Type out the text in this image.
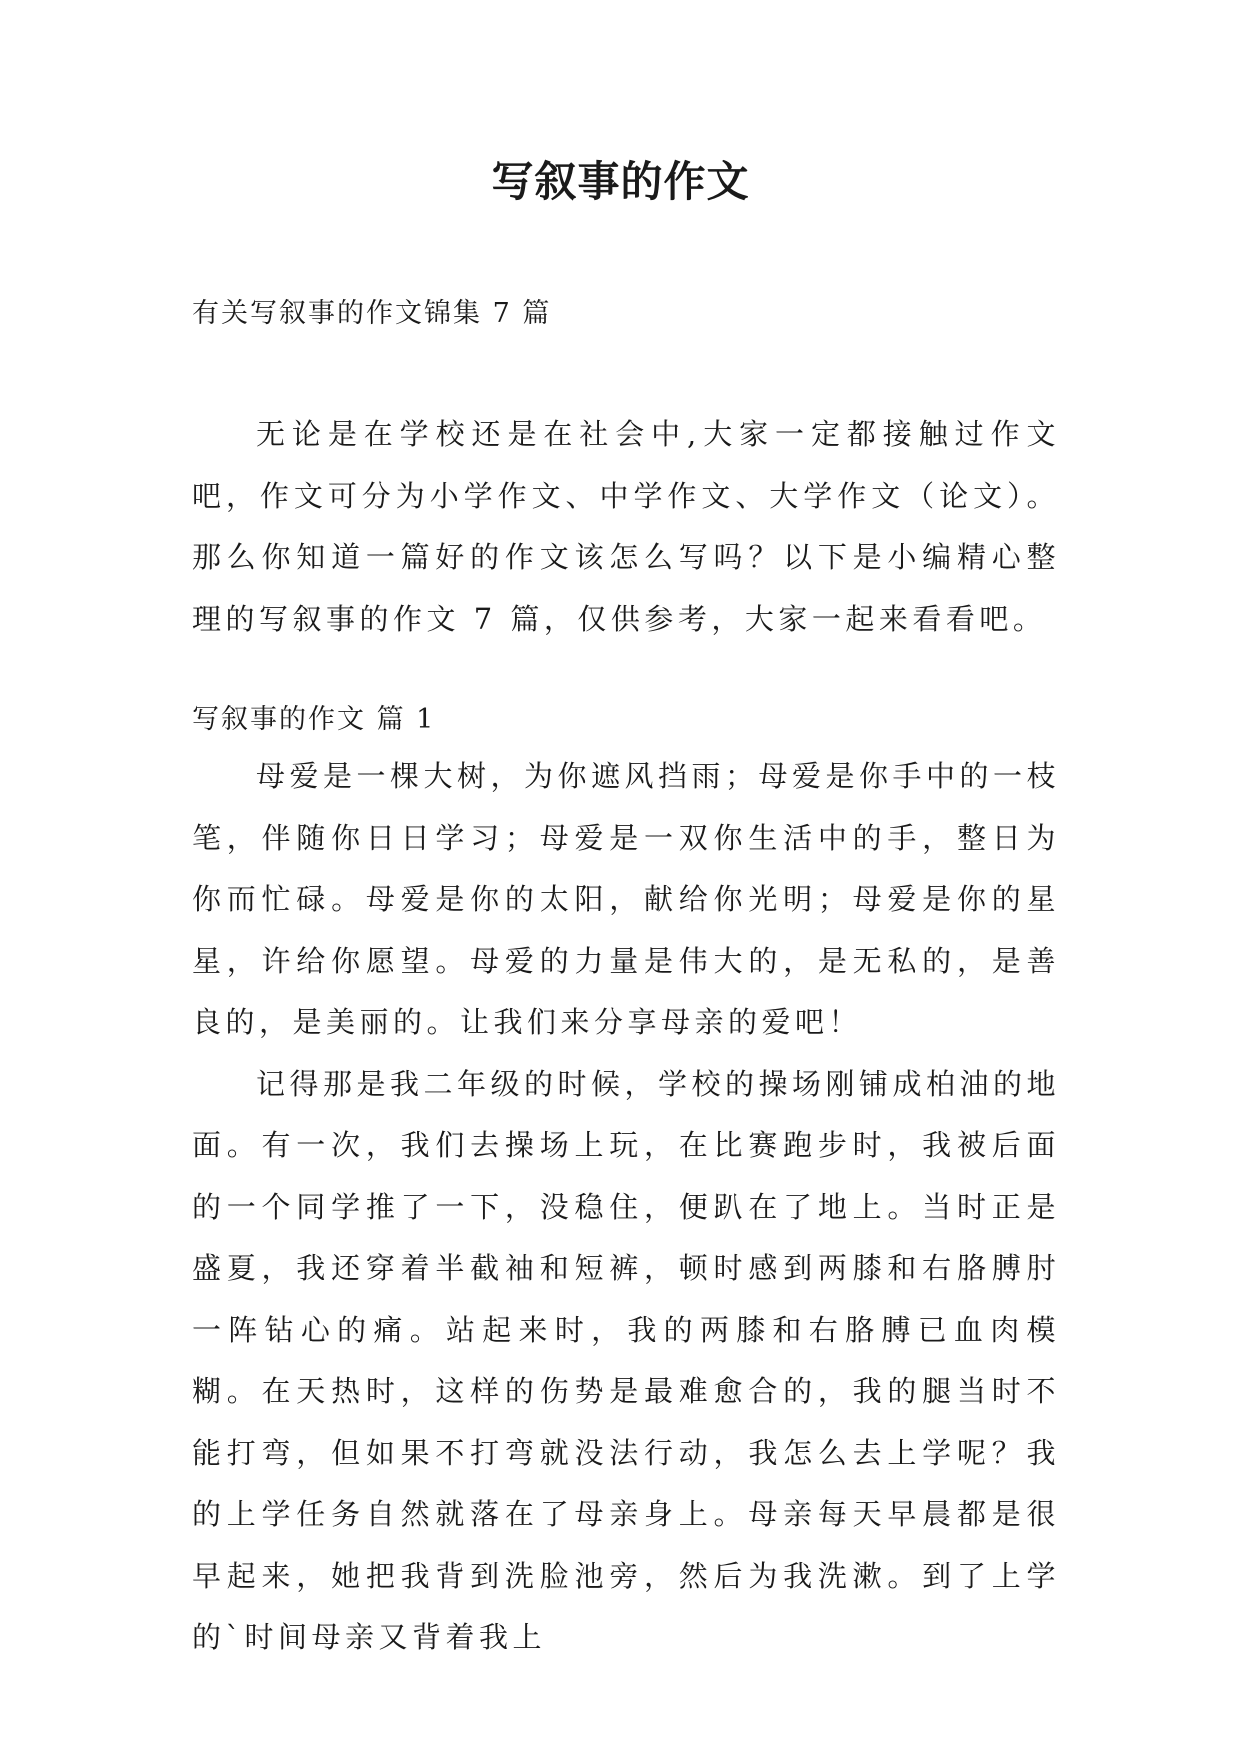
写叙事的作文

有关写叙事的作文锦集 7 篇

无论是在学校还是在社会中,大家一定都接触过作文吧，作文可分为小学作文、中学作文、大学作文（论文）。那么你知道一篇好的作文该怎么写吗？以下是小编精心整理的写叙事的作文 7 篇，仅供参考，大家一起来看看吧。

写叙事的作文 篇 1

母爱是一棵大树，为你遮风挡雨；母爱是你手中的一枝笔，伴随你日日学习；母爱是一双你生活中的手，整日为你而忙碌。母爱是你的太阳，献给你光明；母爱是你的星星，许给你愿望。母爱的力量是伟大的，是无私的，是善良的，是美丽的。让我们来分享母亲的爱吧！

记得那是我二年级的时候，学校的操场刚铺成柏油的地面。有一次，我们去操场上玩，在比赛跑步时，我被后面的一个同学推了一下，没稳住，便趴在了地上。当时正是盛夏，我还穿着半截袖和短裤，顿时感到两膝和右胳膊肘一阵钻心的痛。站起来时，我的两膝和右胳膊已血肉模糊。在天热时，这样的伤势是最难愈合的，我的腿当时不能打弯，但如果不打弯就没法行动，我怎么去上学呢？我的上学任务自然就落在了母亲身上。母亲每天早晨都是很早起来，她把我背到洗脸池旁，然后为我洗漱。到了上学的`时间母亲又背着我上
